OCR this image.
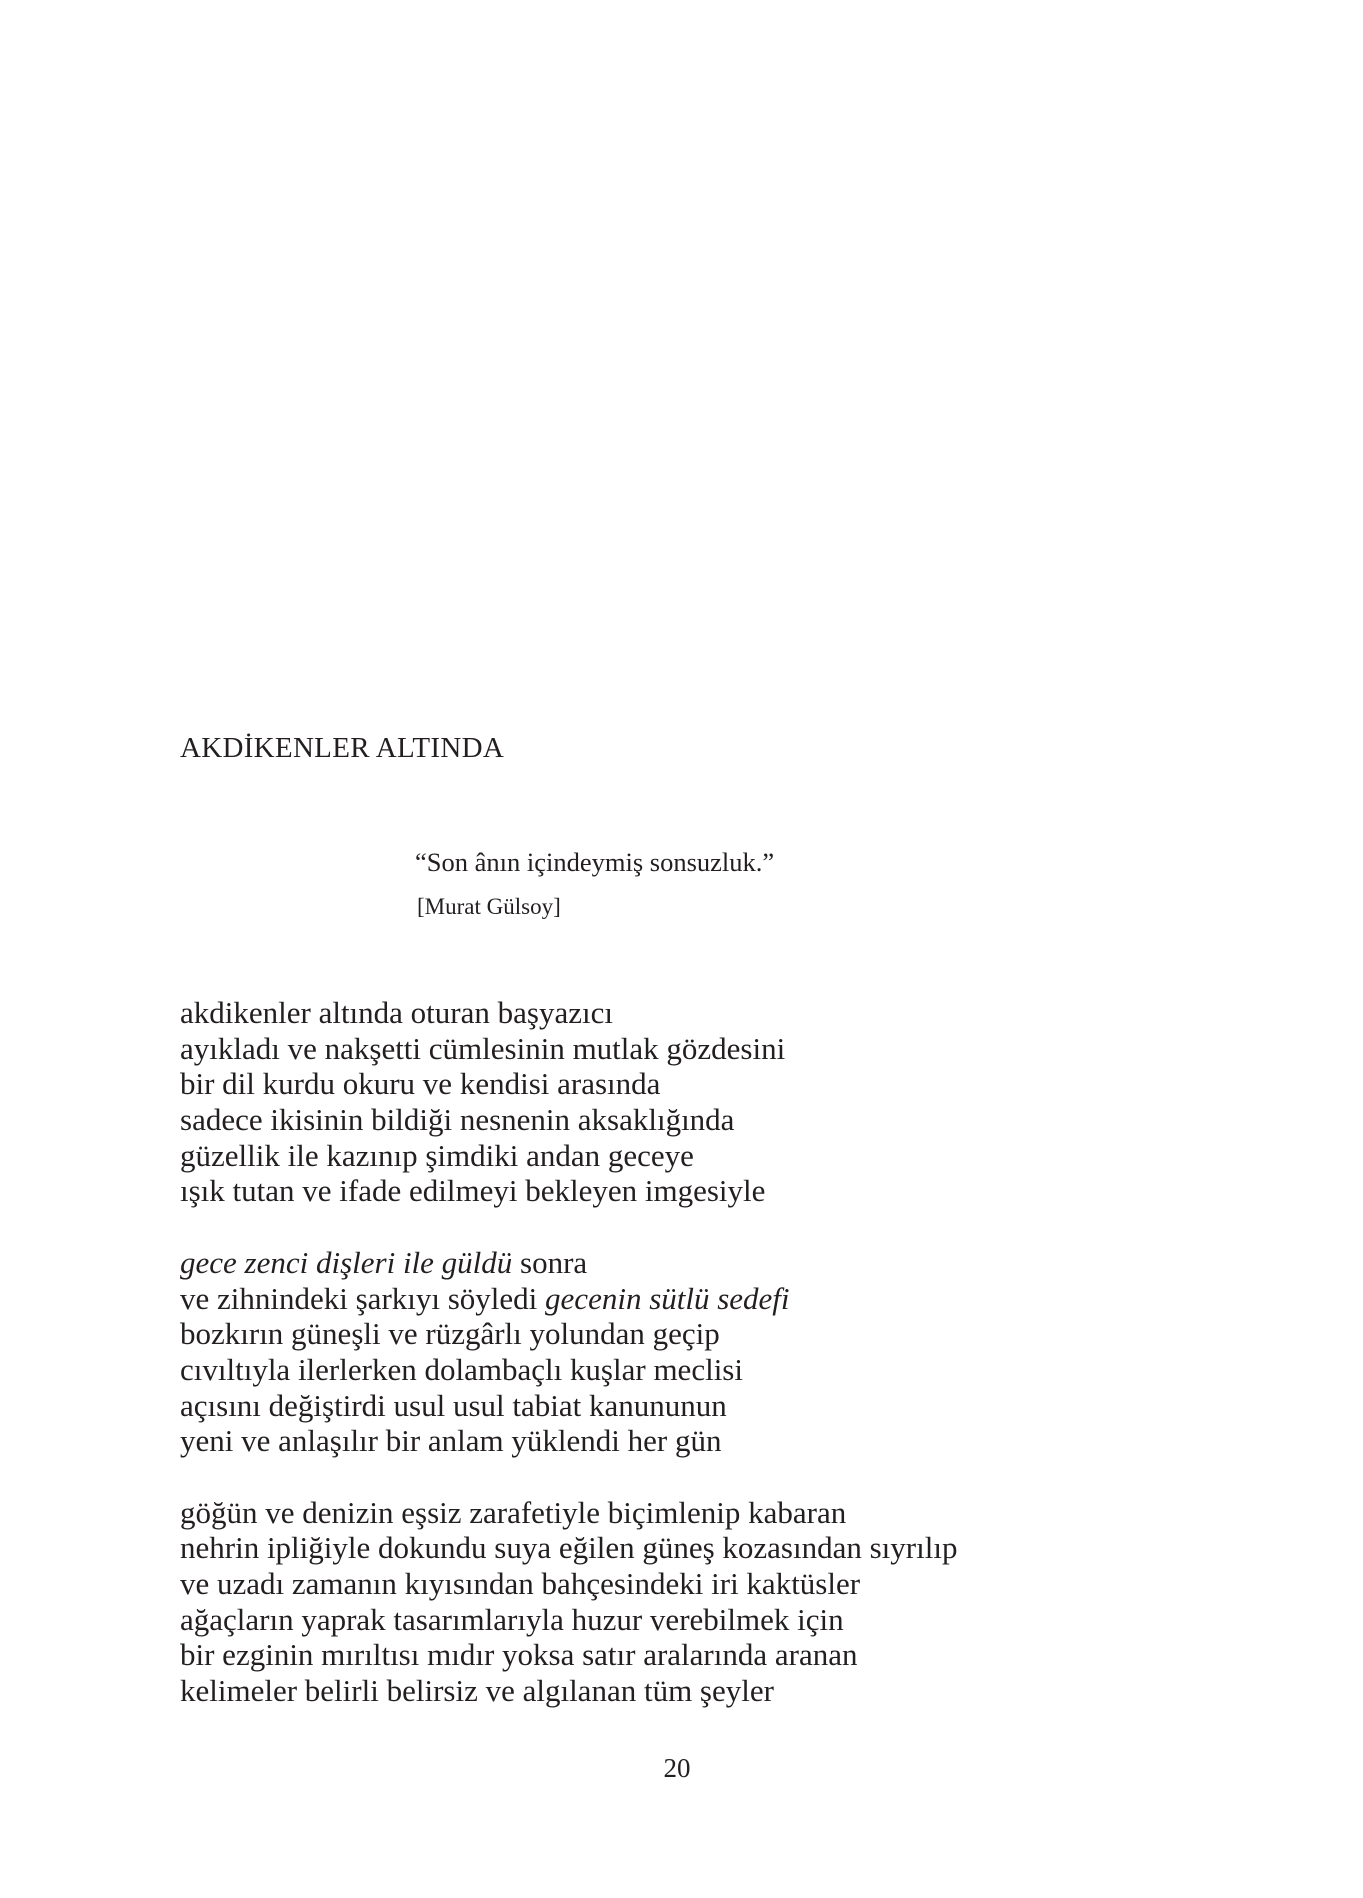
AKDİKENLER ALTINDA
“Son ânın içindeymiş sonsuzluk.”
[Murat Gülsoy]
akdikenler altında oturan başyazıcı
ayıkladı ve nakşetti cümlesinin mutlak gözdesini
bir dil kurdu okuru ve kendisi arasında
sadece ikisinin bildiği nesnenin aksaklığında
güzellik ile kazınıp şimdiki andan geceye
ışık tutan ve ifade edilmeyi bekleyen imgesiyle
gece zenci dişleri ile güldü sonra
ve zihnindeki şarkıyı söyledi gecenin sütlü sedefi
bozkırın güneşli ve rüzgârlı yolundan geçip
cıvıltıyla ilerlerken dolambaçlı kuşlar meclisi
açısını değiştirdi usul usul tabiat kanununun
yeni ve anlaşılır bir anlam yüklendi her gün
göğün ve denizin eşsiz zarafetiyle biçimlenip kabaran
nehrin ipliğiyle dokundu suya eğilen güneş kozasından sıyrılıp
ve uzadı zamanın kıyısından bahçesindeki iri kaktüsler
ağaçların yaprak tasarımlarıyla huzur verebilmek için
bir ezginin mırıltısı mıdır yoksa satır aralarında aranan
kelimeler belirli belirsiz ve algılanan tüm şeyler
20
